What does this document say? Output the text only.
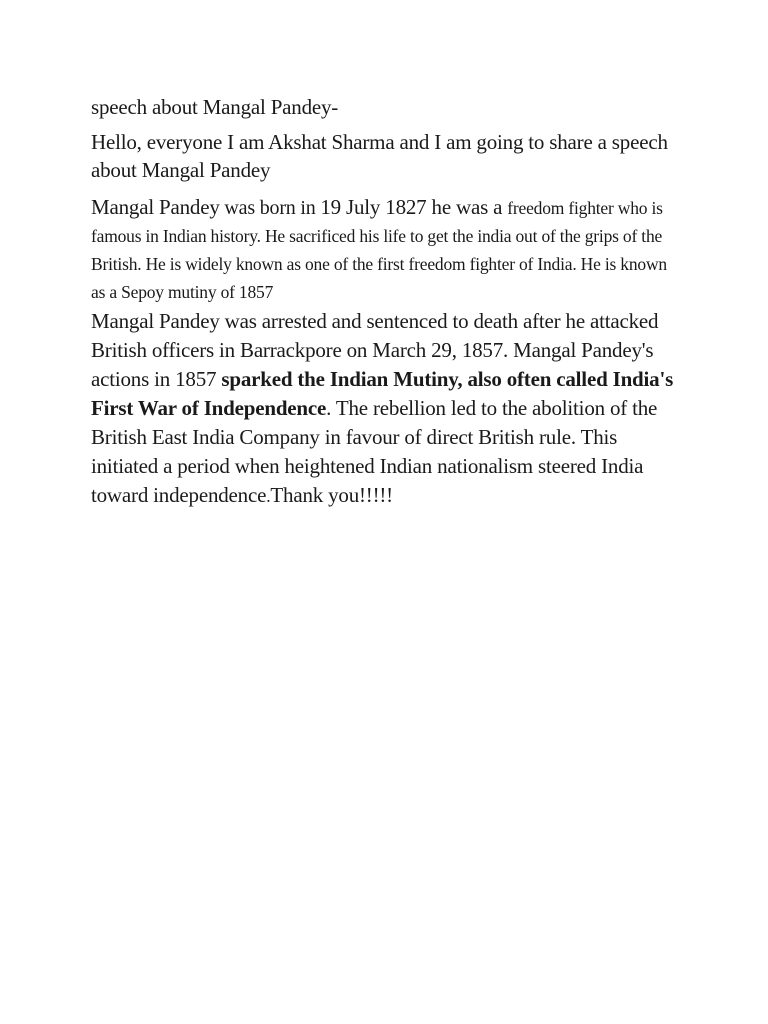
speech about Mangal Pandey-

Hello, everyone I am Akshat Sharma and I am going to share a speech about Mangal Pandey

Mangal Pandey was born in 19 July 1827 he was a freedom fighter who is famous in Indian history. He sacrificed his life to get the india out of the grips of the British. He is widely known as one of the first freedom fighter of India. He is known as a Sepoy mutiny of 1857

Mangal Pandey was arrested and sentenced to death after he attacked British officers in Barrackpore on March 29, 1857. Mangal Pandey's actions in 1857 sparked the Indian Mutiny, also often called India's First War of Independence. The rebellion led to the abolition of the British East India Company in favour of direct British rule. This initiated a period when heightened Indian nationalism steered India toward independence.Thank you!!!!!
